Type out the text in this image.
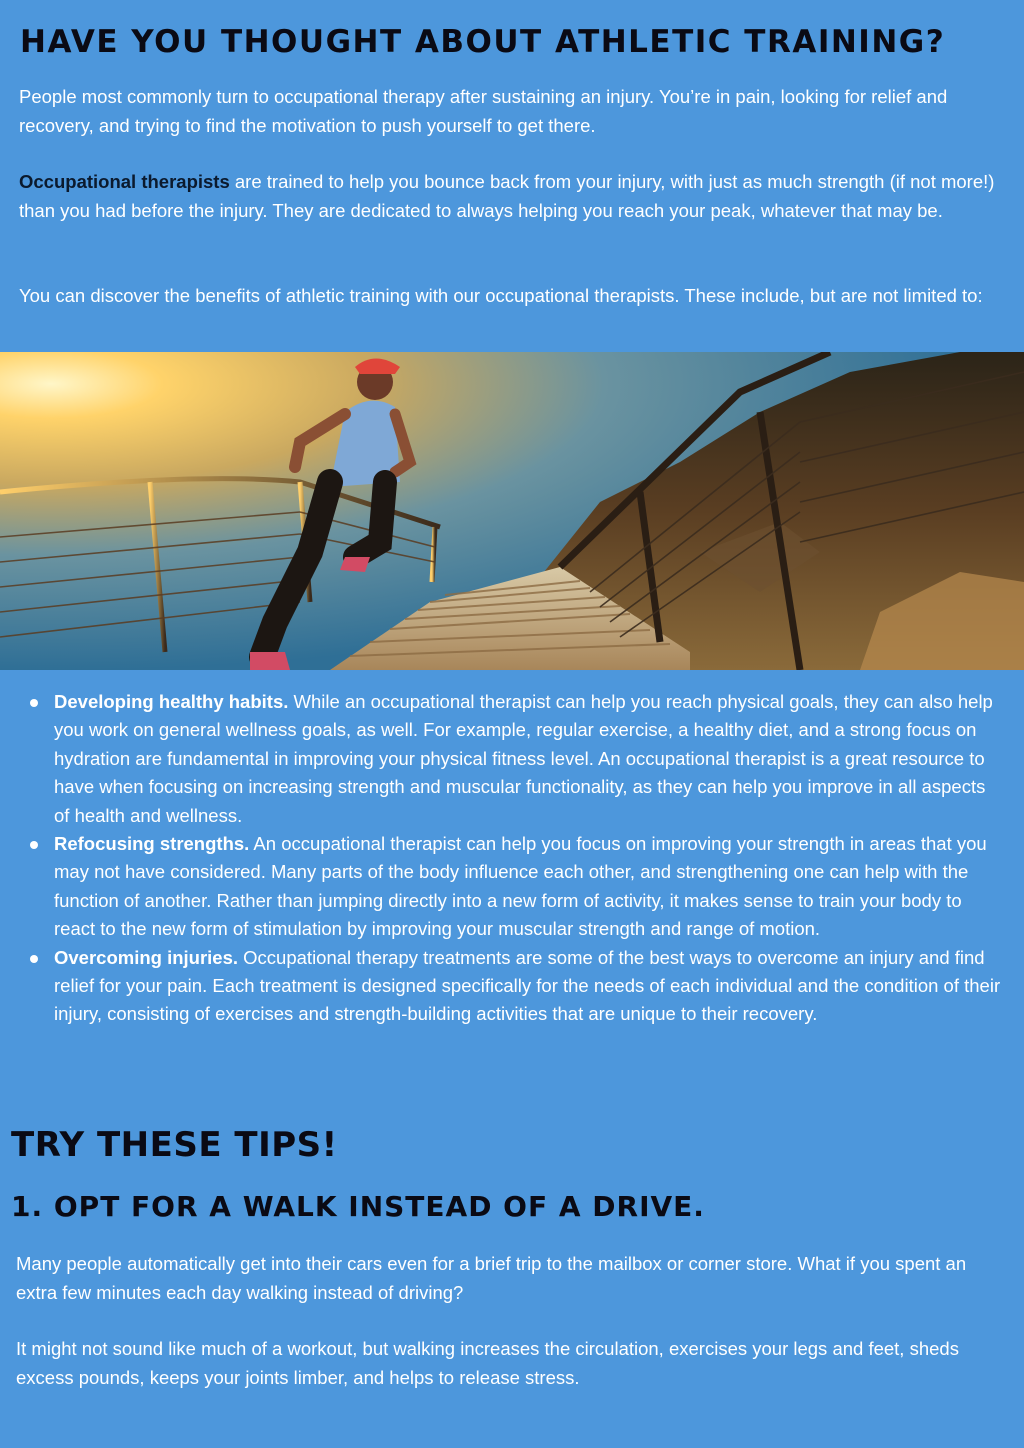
HAVE YOU THOUGHT ABOUT ATHLETIC TRAINING?

People most commonly turn to occupational therapy after sustaining an injury. You’re in pain, looking for relief and recovery, and trying to find the motivation to push yourself to get there.

Occupational therapists are trained to help you bounce back from your injury, with just as much strength (if not more!) than you had before the injury. They are dedicated to always helping you reach your peak, whatever that may be.

You can discover the benefits of athletic training with our occupational therapists. These include, but are not limited to:

Developing healthy habits. While an occupational therapist can help you reach physical goals, they can also help you work on general wellness goals, as well. For example, regular exercise, a healthy diet, and a strong focus on hydration are fundamental in improving your physical fitness level. An occupational therapist is a great resource to have when focusing on increasing strength and muscular functionality, as they can help you improve in all aspects of health and wellness.
Refocusing strengths. An occupational therapist can help you focus on improving your strength in areas that you may not have considered. Many parts of the body influence each other, and strengthening one can help with the function of another. Rather than jumping directly into a new form of activity, it makes sense to train your body to react to the new form of stimulation by improving your muscular strength and range of motion.
Overcoming injuries. Occupational therapy treatments are some of the best ways to overcome an injury and find relief for your pain. Each treatment is designed specifically for the needs of each individual and the condition of their injury, consisting of exercises and strength-building activities that are unique to their recovery.
TRY THESE TIPS!
1. OPT FOR A WALK INSTEAD OF A DRIVE.

Many people automatically get into their cars even for a brief trip to the mailbox or corner store. What if you spent an extra few minutes each day walking instead of driving?

It might not sound like much of a workout, but walking increases the circulation, exercises your legs and feet, sheds excess pounds, keeps your joints limber, and helps to release stress.
